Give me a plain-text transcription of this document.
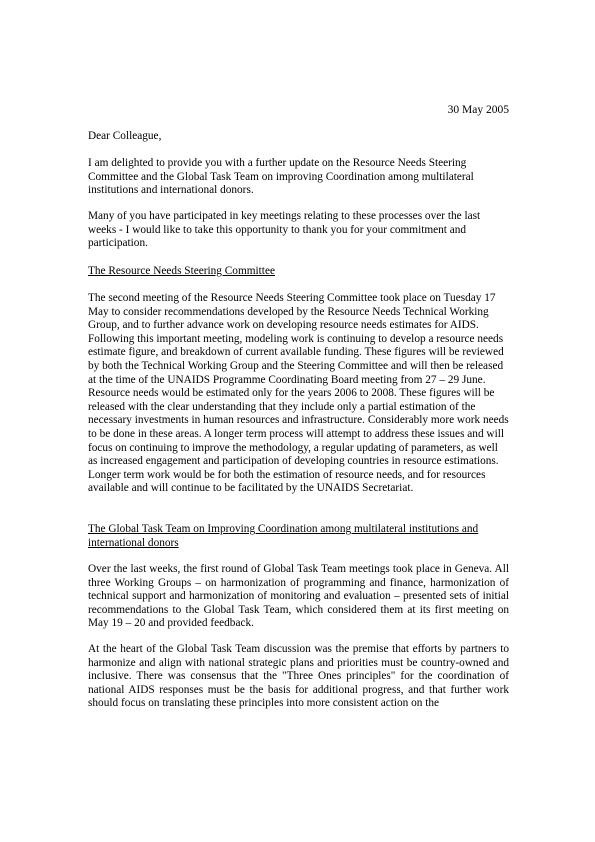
30 May 2005

Dear Colleague,

I am delighted to provide you with a further update on the Resource Needs Steering Committee and the Global Task Team on improving Coordination among multilateral institutions and international donors.

Many of you have participated in key meetings relating to these processes over the last weeks - I would like to take this opportunity to thank you for your commitment and participation.

The Resource Needs Steering Committee

The second meeting of the Resource Needs Steering Committee took place on Tuesday 17 May to consider recommendations developed by the Resource Needs Technical Working Group, and to further advance work on developing resource needs estimates for AIDS. Following this important meeting, modeling work is continuing to develop a resource needs estimate figure, and breakdown of current available funding. These figures will be reviewed by both the Technical Working Group and the Steering Committee and will then be released at the time of the UNAIDS Programme Coordinating Board meeting from 27 – 29 June. Resource needs would be estimated only for the years 2006 to 2008. These figures will be released with the clear understanding that they include only a partial estimation of the necessary investments in human resources and infrastructure. Considerably more work needs to be done in these areas. A longer term process will attempt to address these issues and will focus on continuing to improve the methodology, a regular updating of parameters, as well as increased engagement and participation of developing countries in resource estimations. Longer term work would be for both the estimation of resource needs, and for resources available and will continue to be facilitated by the UNAIDS Secretariat.

The Global Task Team on Improving Coordination among multilateral institutions and international donors

Over the last weeks, the first round of Global Task Team meetings took place in Geneva. All three Working Groups – on harmonization of programming and finance, harmonization of technical support and harmonization of monitoring and evaluation – presented sets of initial recommendations to the Global Task Team, which considered them at its first meeting on May 19 – 20 and provided feedback.

At the heart of the Global Task Team discussion was the premise that efforts by partners to harmonize and align with national strategic plans and priorities must be country-owned and inclusive. There was consensus that the "Three Ones principles" for the coordination of national AIDS responses must be the basis for additional progress, and that further work should focus on translating these principles into more consistent action on the
